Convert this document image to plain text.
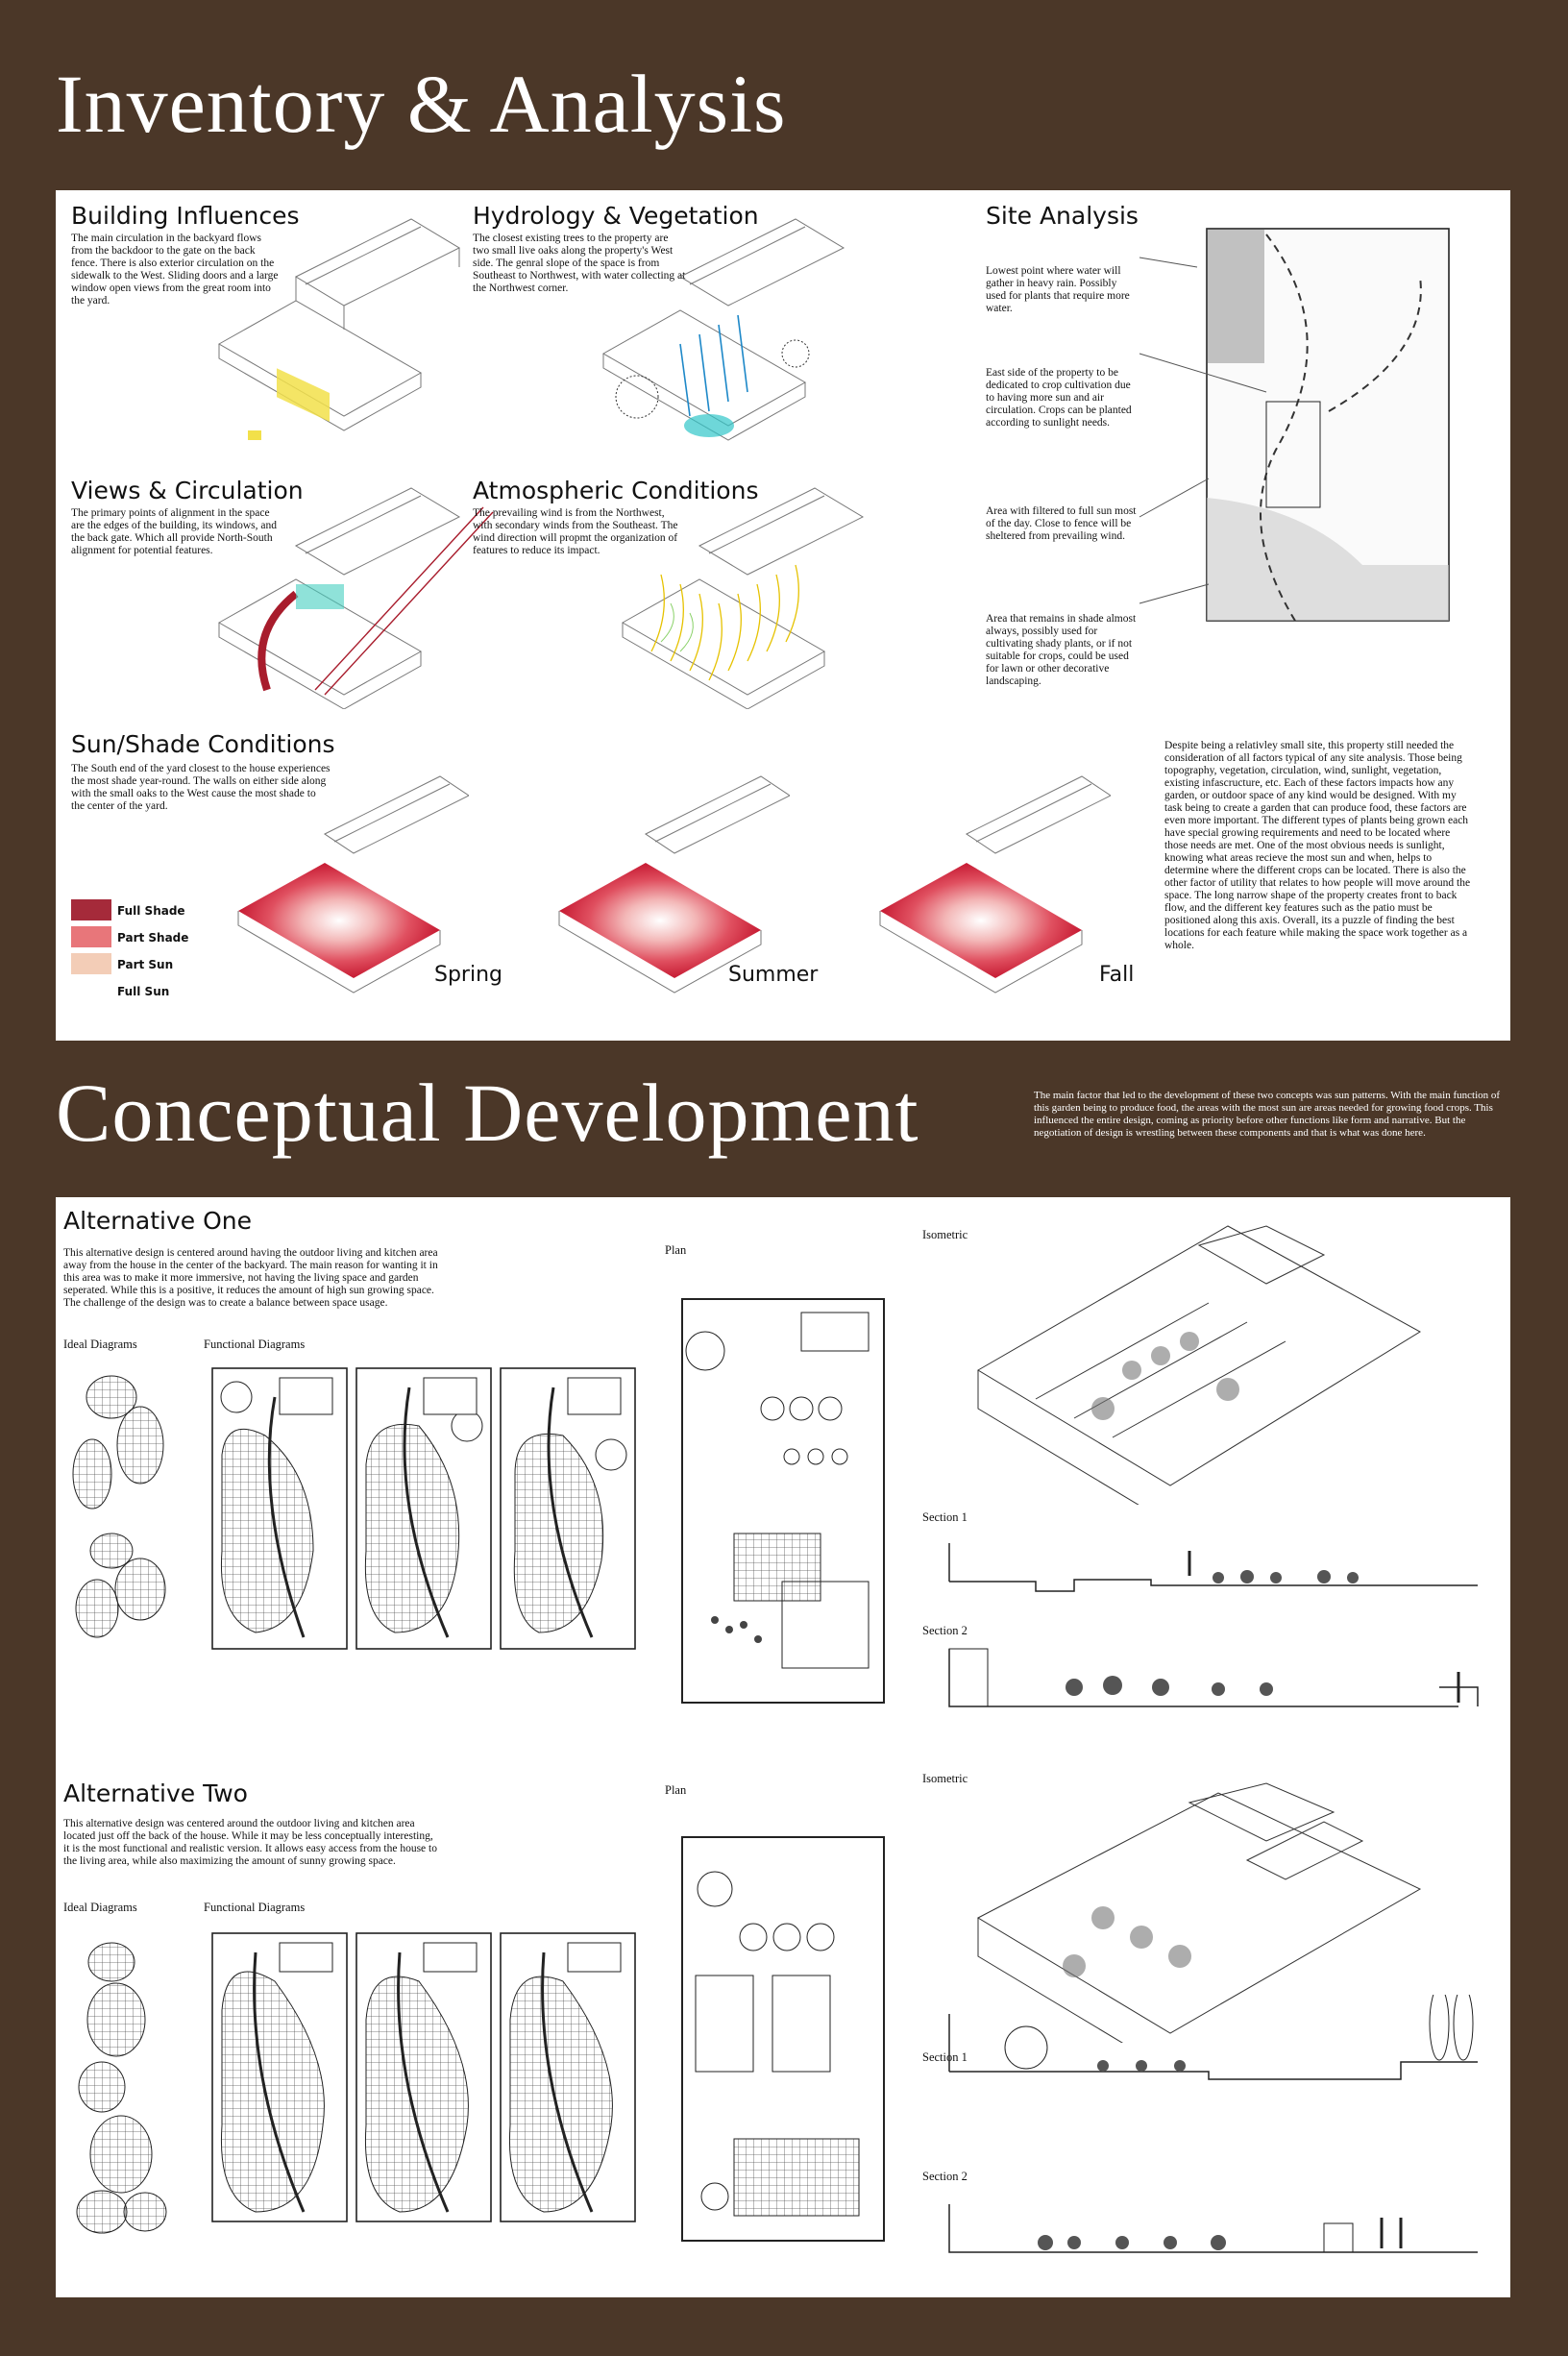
Inventory & Analysis
Conceptual Development	The main factor that led to the development of these two concepts was sun patterns. With the main function of this garden being to produce food, the areas with the most sun are areas needed for growing food crops. This influenced the entire design, coming as priority before other functions like form and narrative. But the negotiation of design is wrestling between these components and that is what was done here.

Building Influences

The main circulation in the backyard flows from the backdoor to the gate on the back fence. There is also exterior circulation on the sidewalk to the West. Sliding doors and a large window open views from the great room into the yard.

Hydrology & Vegetation

The closest existing trees to the property are two small live oaks along the property's West side. The genral slope of the space is from Southeast to Northwest, with water collecting at the Northwest corner.

Site Analysis

Lowest point where water will gather in heavy rain. Possibly used for plants that require more water.

East side of the property to be dedicated to crop cultivation due to having more sun and air circulation. Crops can be planted according to sunlight needs.

Area with filtered to full sun most of the day. Close to fence will be sheltered from prevailing wind.

Area that remains in shade almost always, possibly used for cultivating shady plants, or if not suitable for crops, could be used for lawn or other decorative landscaping.

Despite being a relativley small site, this property still needed the consideration of all factors typical of any site analysis. Those being topography, vegetation, circulation, wind, sunlight, vegetation, existing infascructure, etc. Each of these factors impacts how any garden, or outdoor space of any kind would be designed. With my task being to create a garden that can produce food, these factors are even more important. The different types of plants being grown each have special growing requirements and need to be located where those needs are met. One of the most obvious needs is sunlight, knowing what areas recieve the most sun and when, helps to determine where the different crops can be located. There is also the other factor of utility that relates to how people will move around the space. The long narrow shape of the property creates front to back flow, and the different key features such as the patio must be positioned along this axis. Overall, its a puzzle of finding the best locations for each feature while making the space work together as a whole.

Views & Circulation

The primary points of alignment in the space are the edges of the building, its windows, and the back gate. Which all provide North-South alignment for potential features.

Atmospheric Conditions

The prevailing wind is from the Northwest, with secondary winds from the Southeast. The wind direction will propmt the organization of features to reduce its impact.

Sun/Shade Conditions

The South end of the yard closest to the house experiences the most shade year-round. The walls on either side along with the small oaks to the West cause the most shade to the center of the yard.

Full Shade
Part Shade
Part Sun
Full Sun
Spring	Summer	Fall
Alternative One

This alternative design is centered around having the outdoor living and kitchen area away from the house in the center of the backyard. The main reason for wanting it in this area was to make it more immersive, not having the living space and garden seperated. While this is a positive, it reduces the amount of high sun growing space. The challenge of the design was to create a balance between space usage.

Ideal Diagrams	Functional Diagrams
Plan
Isometric
Section 1
Section 2
Alternative Two

This alternative design was centered around the outdoor living and kitchen area located just off the back of the house. While it may be less conceptually interesting, it is the most functional and realistic version. It allows easy access from the house to the living area, while also maximizing the amount of sunny growing space.

Ideal Diagrams	Functional Diagrams
Plan
Isometric
Section 1
Section 2
